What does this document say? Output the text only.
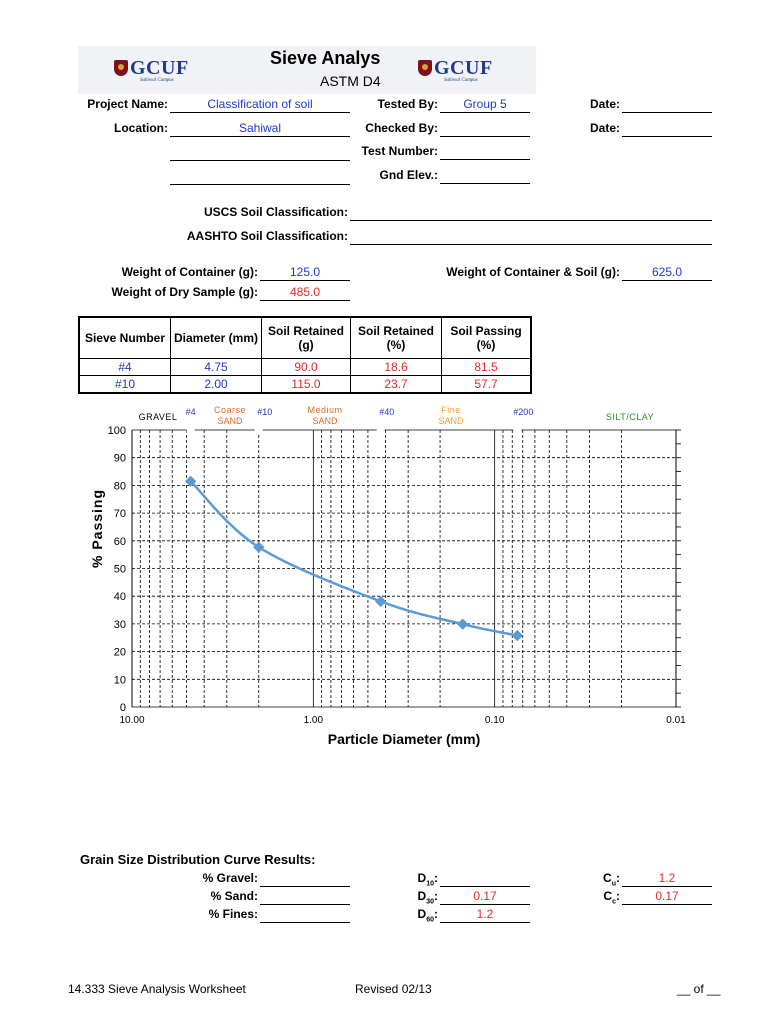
GCUF
Sahiwal Campus
GCUF
Sahiwal Campus
Sieve Analys
ASTM D4
Project Name:	Classification of soil
Location:	Sahiwal
Tested By:	Group 5
Checked By:
Test Number:
Gnd Elev.:
Date:
Date:
USCS Soil Classification:
AASHTO Soil Classification:
Weight of Container (g):	125.0
Weight of Dry Sample (g):	485.0
Weight of Container & Soil (g):	625.0
Sieve Number	Diameter (mm)	Soil Retained (g)	Soil Retained (%)	Soil Passing (%)
#4	4.75	90.0	18.6	81.5
#10	2.00	115.0	23.7	57.7
0
10
20
30
40
50
60
70
80
90
100
10.00	1.00	0.10	0.01
Particle Diameter (mm)
% Passing
#4	#10	#40	#200
GRAVEL
Coarse
SAND
Medium
SAND
Fine
SAND	SILT/CLAY
Grain Size Distribution Curve Results:
% Gravel:
% Sand:
% Fines:
$D_{10}$:
$D_{30}$:	0.17
$D_{60}$:	1.2
$C_u$:	1.2
$C_c$:	0.17
14.333 Sieve Analysis Worksheet	Revised 02/13	__ of __
